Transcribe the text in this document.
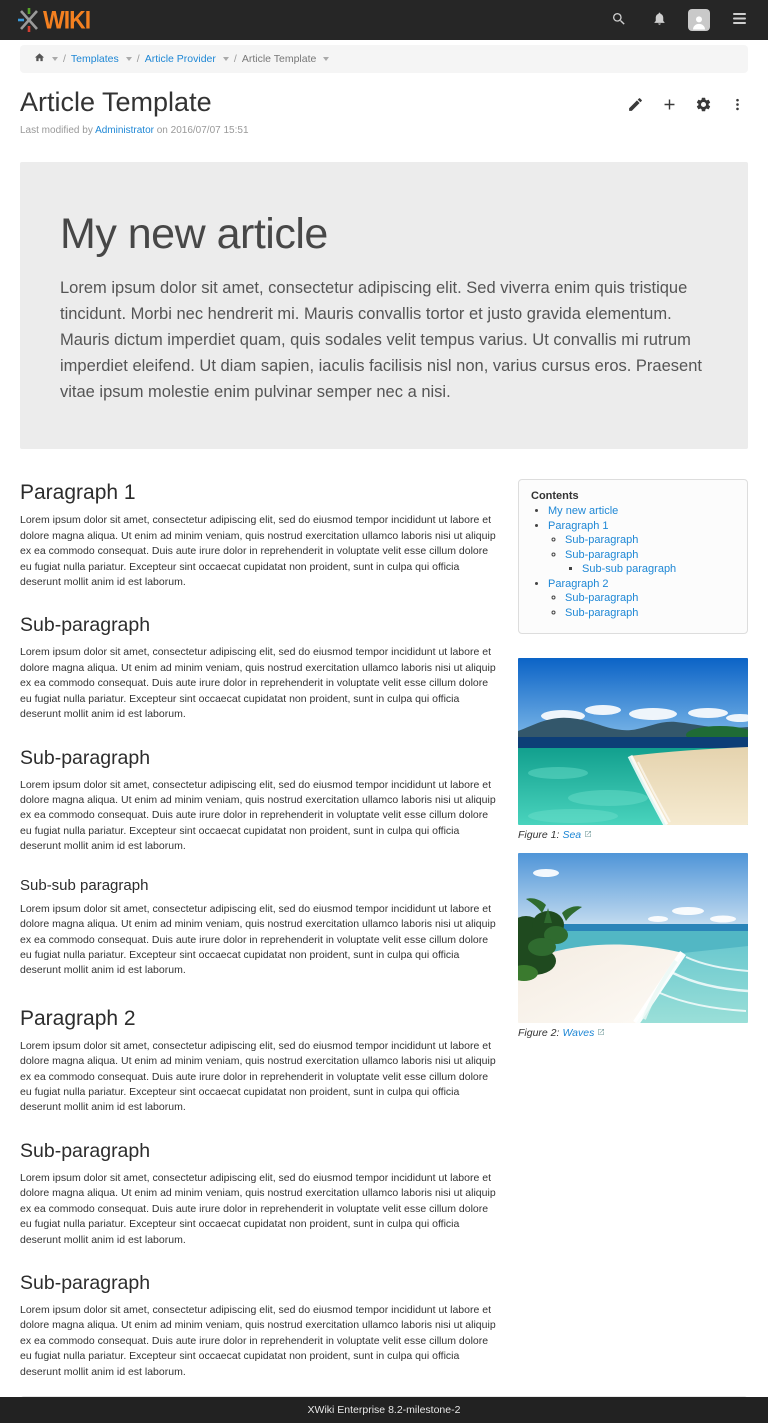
WIKI
/ Templates / Article Provider / Article Template
Article Template
Last modified by Administrator on 2016/07/07 15:51
My new article

Lorem ipsum dolor sit amet, consectetur adipiscing elit. Sed viverra enim quis tristique tincidunt. Morbi nec hendrerit mi. Mauris convallis tortor et justo gravida elementum. Mauris dictum imperdiet quam, quis sodales velit tempus varius. Ut convallis mi rutrum imperdiet eleifend. Ut diam sapien, iaculis facilisis nisl non, varius cursus eros. Praesent vitae ipsum molestie enim pulvinar semper nec a nisi.

Paragraph 1

Lorem ipsum dolor sit amet, consectetur adipiscing elit, sed do eiusmod tempor incididunt ut labore et dolore magna aliqua. Ut enim ad minim veniam, quis nostrud exercitation ullamco laboris nisi ut aliquip ex ea commodo consequat. Duis aute irure dolor in reprehenderit in voluptate velit esse cillum dolore eu fugiat nulla pariatur. Excepteur sint occaecat cupidatat non proident, sunt in culpa qui officia deserunt mollit anim id est laborum.

Sub-paragraph

Lorem ipsum dolor sit amet, consectetur adipiscing elit, sed do eiusmod tempor incididunt ut labore et dolore magna aliqua. Ut enim ad minim veniam, quis nostrud exercitation ullamco laboris nisi ut aliquip ex ea commodo consequat. Duis aute irure dolor in reprehenderit in voluptate velit esse cillum dolore eu fugiat nulla pariatur. Excepteur sint occaecat cupidatat non proident, sunt in culpa qui officia deserunt mollit anim id est laborum.

Sub-paragraph

Lorem ipsum dolor sit amet, consectetur adipiscing elit, sed do eiusmod tempor incididunt ut labore et dolore magna aliqua. Ut enim ad minim veniam, quis nostrud exercitation ullamco laboris nisi ut aliquip ex ea commodo consequat. Duis aute irure dolor in reprehenderit in voluptate velit esse cillum dolore eu fugiat nulla pariatur. Excepteur sint occaecat cupidatat non proident, sunt in culpa qui officia deserunt mollit anim id est laborum.

Sub-sub paragraph

Lorem ipsum dolor sit amet, consectetur adipiscing elit, sed do eiusmod tempor incididunt ut labore et dolore magna aliqua. Ut enim ad minim veniam, quis nostrud exercitation ullamco laboris nisi ut aliquip ex ea commodo consequat. Duis aute irure dolor in reprehenderit in voluptate velit esse cillum dolore eu fugiat nulla pariatur. Excepteur sint occaecat cupidatat non proident, sunt in culpa qui officia deserunt mollit anim id est laborum.

Paragraph 2

Lorem ipsum dolor sit amet, consectetur adipiscing elit, sed do eiusmod tempor incididunt ut labore et dolore magna aliqua. Ut enim ad minim veniam, quis nostrud exercitation ullamco laboris nisi ut aliquip ex ea commodo consequat. Duis aute irure dolor in reprehenderit in voluptate velit esse cillum dolore eu fugiat nulla pariatur. Excepteur sint occaecat cupidatat non proident, sunt in culpa qui officia deserunt mollit anim id est laborum.

Sub-paragraph

Lorem ipsum dolor sit amet, consectetur adipiscing elit, sed do eiusmod tempor incididunt ut labore et dolore magna aliqua. Ut enim ad minim veniam, quis nostrud exercitation ullamco laboris nisi ut aliquip ex ea commodo consequat. Duis aute irure dolor in reprehenderit in voluptate velit esse cillum dolore eu fugiat nulla pariatur. Excepteur sint occaecat cupidatat non proident, sunt in culpa qui officia deserunt mollit anim id est laborum.

Sub-paragraph

Lorem ipsum dolor sit amet, consectetur adipiscing elit, sed do eiusmod tempor incididunt ut labore et dolore magna aliqua. Ut enim ad minim veniam, quis nostrud exercitation ullamco laboris nisi ut aliquip ex ea commodo consequat. Duis aute irure dolor in reprehenderit in voluptate velit esse cillum dolore eu fugiat nulla pariatur. Excepteur sint occaecat cupidatat non proident, sunt in culpa qui officia deserunt mollit anim id est laborum.

Contents
• My new article
• Paragraph 1
◦ Sub-paragraph
◦ Sub-paragraph
▪ Sub-sub paragraph
• Paragraph 2
◦ Sub-paragraph
◦ Sub-paragraph
Figure 1: Sea
Figure 2: Waves
XWiki Enterprise 8.2-milestone-2
